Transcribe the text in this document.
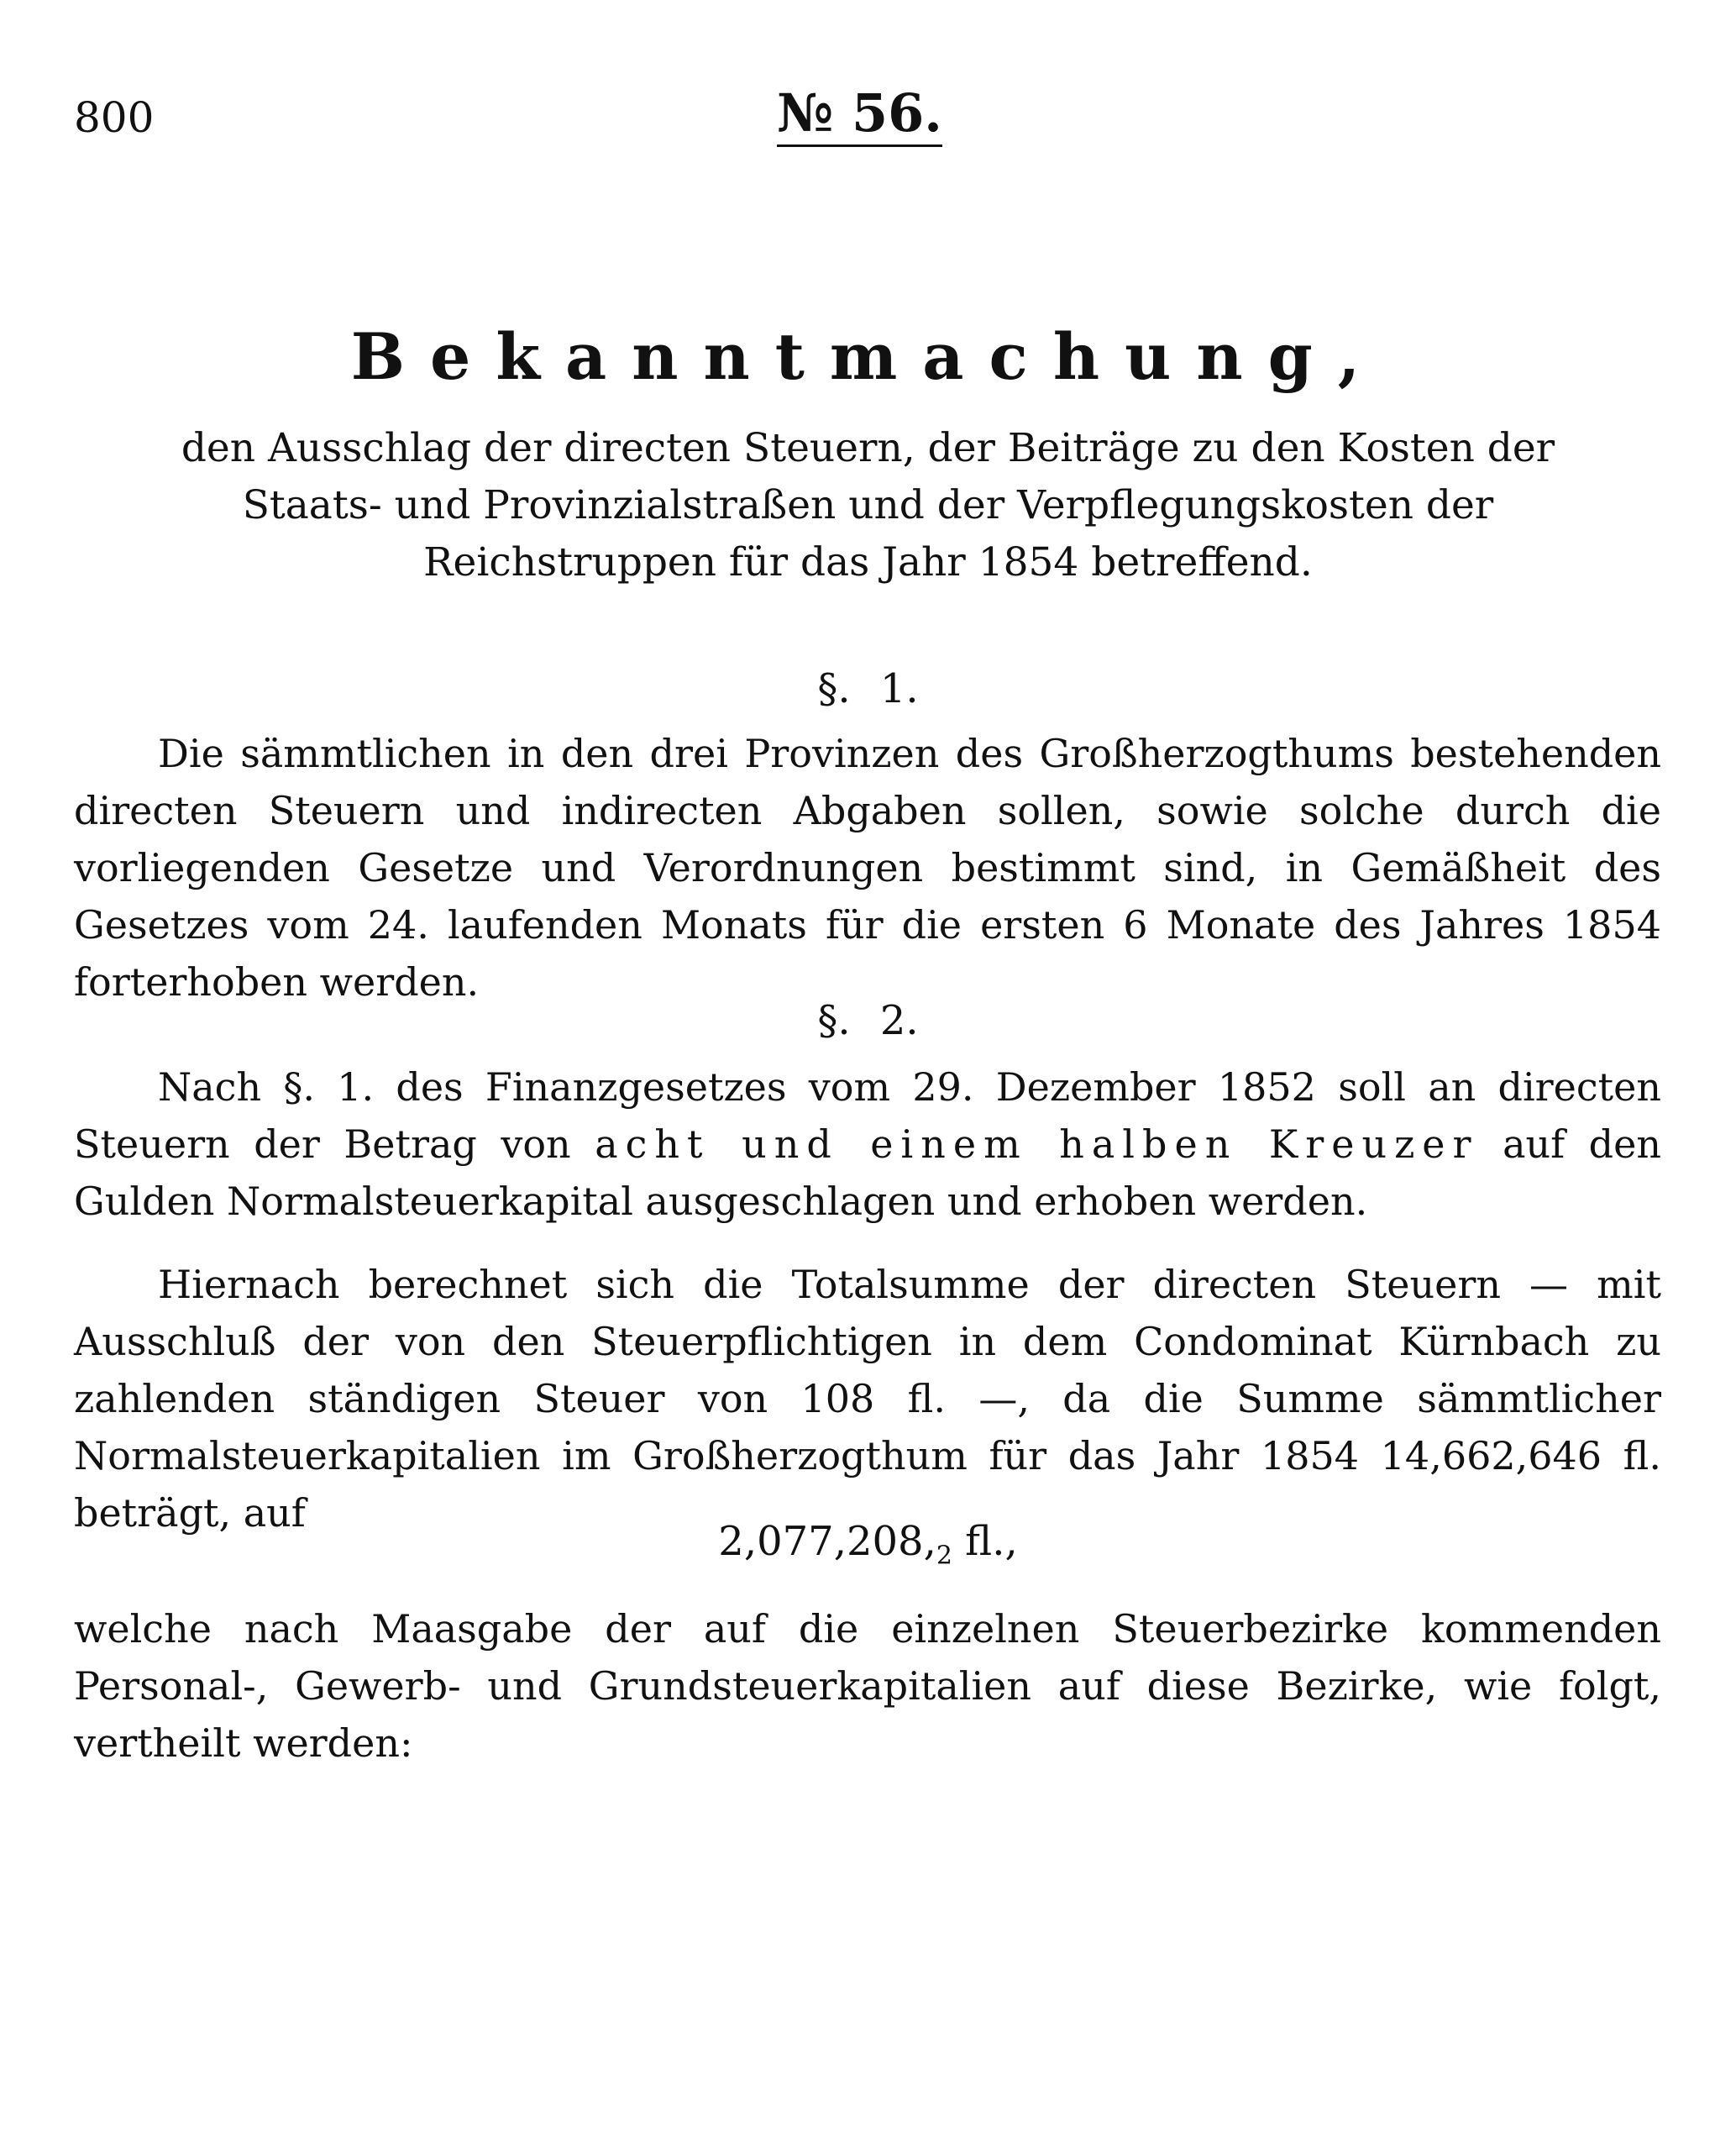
800	№ 56.
Bekanntmachung,
den Ausschlag der directen Steuern, der Beiträge zu den Kosten der Staats- und Provinzialstraßen und der Verpflegungskosten der Reichstruppen für das Jahr 1854 betreffend.
§. 1.
Die sämmtlichen in den drei Provinzen des Großherzogthums bestehenden directen Steuern und indirecten Abgaben sollen, sowie solche durch die vorliegenden Gesetze und Verordnungen bestimmt sind, in Gemäßheit des Gesetzes vom 24. laufenden Monats für die ersten 6 Monate des Jahres 1854 forterhoben werden.
§. 2.
Nach §. 1. des Finanzgesetzes vom 29. Dezember 1852 soll an directen Steuern der Betrag von acht und einem halben Kreuzer auf den Gulden Normalsteuerkapital ausgeschlagen und erhoben werden.
Hiernach berechnet sich die Totalsumme der directen Steuern — mit Ausschluß der von den Steuerpflichtigen in dem Condominat Kürnbach zu zahlenden ständigen Steuer von 108 fl. —, da die Summe sämmtlicher Normalsteuerkapitalien im Großherzogthum für das Jahr 1854 14,662,646 fl. beträgt, auf
$2,077,208,_2$ fl.,
welche nach Maasgabe der auf die einzelnen Steuerbezirke kommenden Personal-, Gewerb- und Grundsteuerkapitalien auf diese Bezirke, wie folgt, vertheilt werden:
